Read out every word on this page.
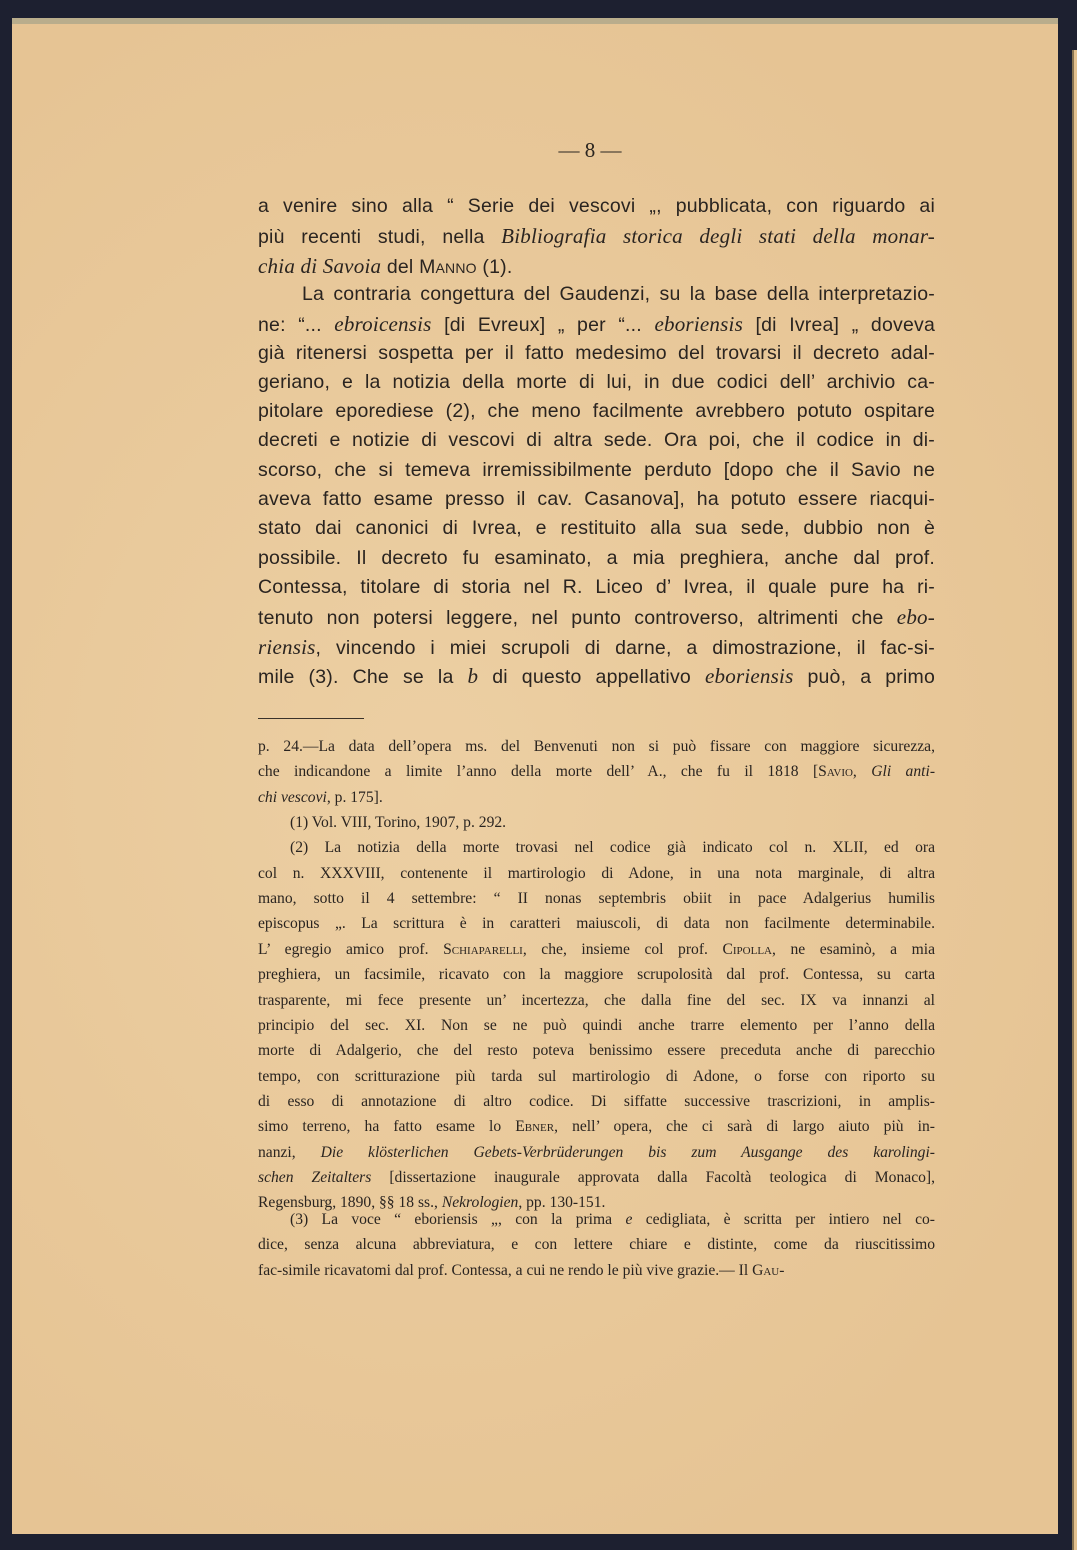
— 8 —
a venire sino alla “ Serie dei vescovi „, pubblicata, con riguardo ai
più recenti studi, nella Bibliografia storica degli stati della monar-
chia di Savoia del Manno (1).
La contraria congettura del Gaudenzi, su la base della interpretazio-
ne: “... ebroicensis [di Evreux] „ per “... eboriensis [di Ivrea] „ doveva
già ritenersi sospetta per il fatto medesimo del trovarsi il decreto adal-
geriano, e la notizia della morte di lui, in due codici dell’ archivio ca-
pitolare eporediese (2), che meno facilmente avrebbero potuto ospitare
decreti e notizie di vescovi di altra sede. Ora poi, che il codice in di-
scorso, che si temeva irremissibilmente perduto [dopo che il Savio ne
aveva fatto esame presso il cav. Casanova], ha potuto essere riacqui-
stato dai canonici di Ivrea, e restituito alla sua sede, dubbio non è
possibile. Il decreto fu esaminato, a mia preghiera, anche dal prof.
Contessa, titolare di storia nel R. Liceo d’ Ivrea, il quale pure ha ri-
tenuto non potersi leggere, nel punto controverso, altrimenti che ebo-
riensis, vincendo i miei scrupoli di darne, a dimostrazione, il fac-si-
mile (3). Che se la b di questo appellativo eboriensis può, a primo
p. 24.—La data dell’opera ms. del Benvenuti non si può fissare con maggiore sicurezza,
che indicandone a limite l’anno della morte dell’ A., che fu il 1818 [Savio, Gli anti-
chi vescovi, p. 175].
(1) Vol. VIII, Torino, 1907, p. 292.
(2) La notizia della morte trovasi nel codice già indicato col n. XLII, ed ora
col n. XXXVIII, contenente il martirologio di Adone, in una nota marginale, di altra
mano, sotto il 4 settembre: “ II nonas septembris obiit in pace Adalgerius humilis
episcopus „. La scrittura è in caratteri maiuscoli, di data non facilmente determinabile.
L’ egregio amico prof. Schiaparelli, che, insieme col prof. Cipolla, ne esaminò, a mia
preghiera, un facsimile, ricavato con la maggiore scrupolosità dal prof. Contessa, su carta
trasparente, mi fece presente un’ incertezza, che dalla fine del sec. IX va innanzi al
principio del sec. XI. Non se ne può quindi anche trarre elemento per l’anno della
morte di Adalgerio, che del resto poteva benissimo essere preceduta anche di parecchio
tempo, con scritturazione più tarda sul martirologio di Adone, o forse con riporto su
di esso di annotazione di altro codice. Di siffatte successive trascrizioni, in amplis-
simo terreno, ha fatto esame lo Ebner, nell’ opera, che ci sarà di largo aiuto più in-
nanzi, Die klösterlichen Gebets-Verbrüderungen bis zum Ausgange des karolingi-
schen Zeitalters [dissertazione inaugurale approvata dalla Facoltà teologica di Monaco],
Regensburg, 1890, §§ 18 ss., Nekrologien, pp. 130-151.
(3) La voce “ eboriensis „, con la prima e cedigliata, è scritta per intiero nel co-
dice, senza alcuna abbreviatura, e con lettere chiare e distinte, come da riuscitissimo
fac-simile ricavatomi dal prof. Contessa, a cui ne rendo le più vive grazie.— Il Gau-
